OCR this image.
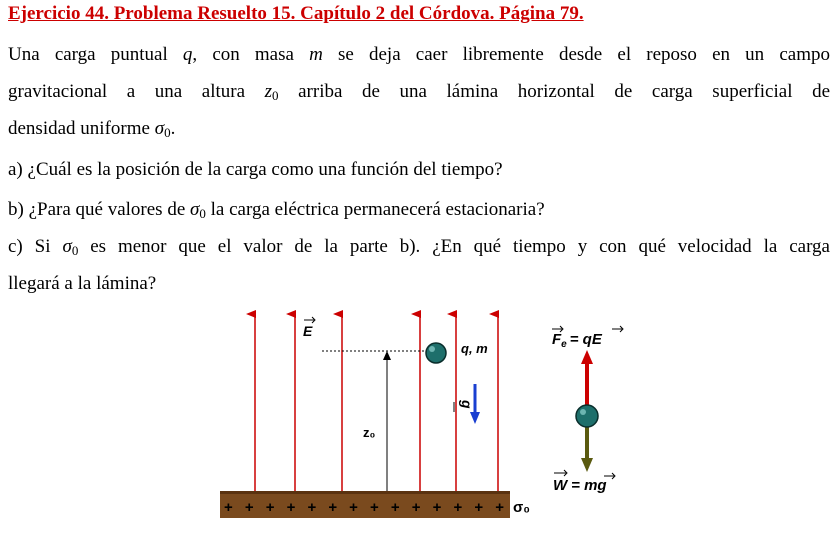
Ejercicio 44. Problema Resuelto 15. Capítulo 2 del Córdova. Página 79.
Una carga puntual q, con masa m se deja caer libremente desde el reposo en un campo
gravitacional a una altura $z_0$ arriba de una lámina horizontal de carga superficial de
densidad uniforme $\sigma_0$.
a) ¿Cuál es la posición de la carga como una función del tiempo?
b) ¿Para qué valores de $\sigma_0$ la carga eléctrica permanecerá estacionaria?
c) Si $\sigma_0$ es menor que el valor de la parte b). ¿En qué tiempo y con qué velocidad la carga
llegará a la lámina?
E
z₀
q, m
g
+ + + + + + + + + + + + + + σ₀
$F_e$ = qE
W = mg
